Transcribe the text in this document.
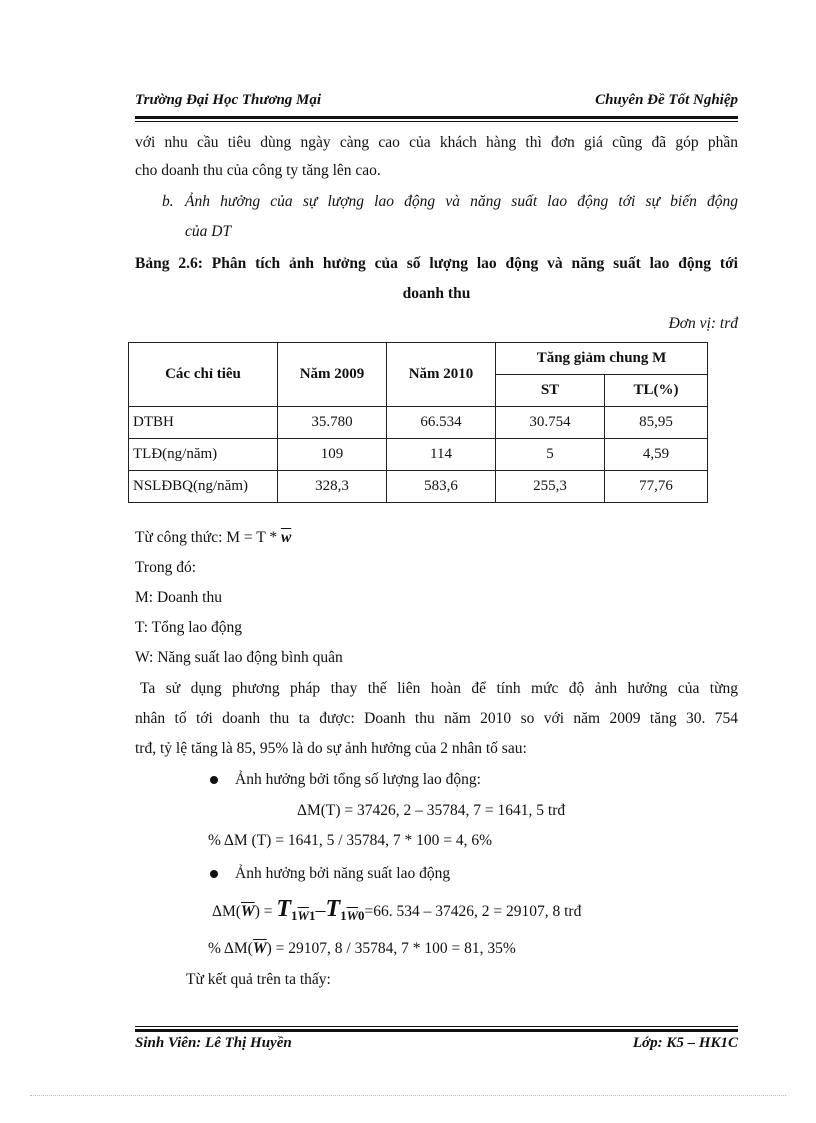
Trường Đại Học Thương Mại	Chuyên Đề Tốt Nghiệp
với nhu cầu tiêu dùng ngày càng cao của khách hàng thì đơn giá cũng đã góp phần
cho doanh thu của công ty tăng lên cao.
b. Ảnh hưởng của sự lượng lao động và năng suất lao động tới sự biến động
của DT
Bảng 2.6: Phân tích ảnh hưởng của số lượng lao động và năng suất lao động tới
doanh thu
Đơn vị: trđ
Các chỉ tiêu	Năm 2009	Năm 2010	Tăng giảm chung M	
			ST	TL(%)
DTBH	35.780	66.534	30.754	85,95
TLĐ(ng/năm)	109	114	5	4,59
NSLĐBQ(ng/năm)	328,3	583,6	255,3	77,76
Từ công thức: $M = T * \overline{w}$
Trong đó:
M: Doanh thu
T: Tổng lao động
W: Năng suất lao động bình quân
Ta sử dụng phương pháp thay thế liên hoàn để tính mức độ ảnh hưởng của từng
nhân tố tới doanh thu ta được: Doanh thu năm 2010 so với năm 2009 tăng 30. 754
trđ, tỷ lệ tăng là 85, 95% là do sự ảnh hưởng của 2 nhân tố sau:
Ảnh hưởng bởi tổng số lượng lao động:
ΔM(T) = 37426, 2 – 35784, 7 = 1641, 5 trđ
% ΔM (T) = 1641, 5 / 35784, 7 * 100 = 4, 6%
Ảnh hưởng bởi năng suất lao động
$\Delta M(\overline{W}) = T_{1\overline{W}1}-T_{1\overline{W}0}=66$. 534 – 37426, 2 = 29107, 8 trđ
% $\Delta M(\overline{W}) = 29107$, 8 / 35784, 7 * 100 = 81, 35%
Từ kết quả trên ta thấy:
Sinh Viên: Lê Thị Huyền	Lớp: K5 – HK1C
